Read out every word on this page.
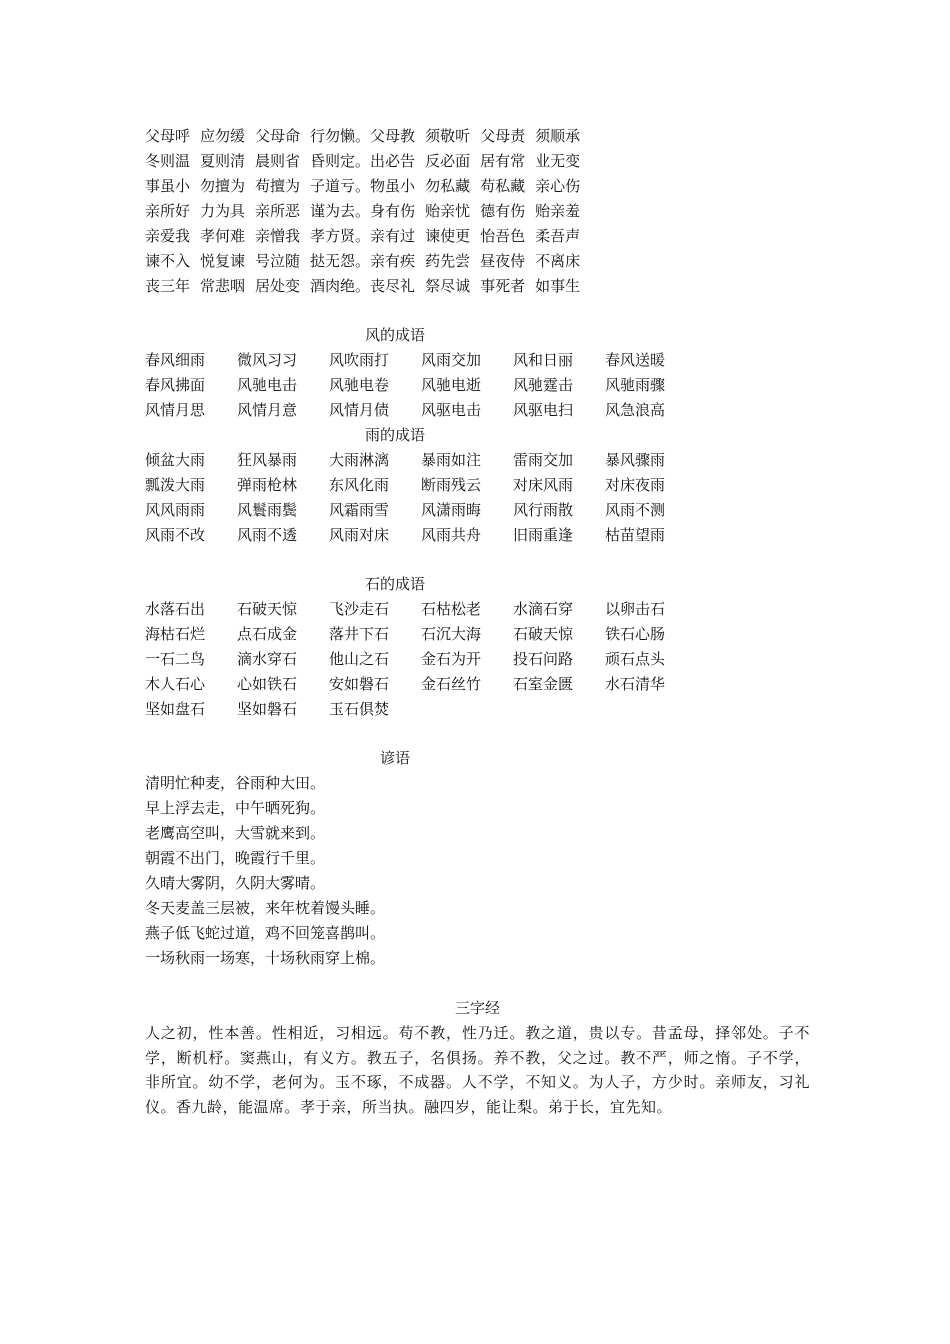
父母呼 应勿缓 父母命 行勿懒。父母教 须敬听 父母责 须顺承
冬则温 夏则清 晨则省 昏则定。出必告 反必面 居有常 业无变
事虽小 勿擅为 苟擅为 子道亏。物虽小 勿私藏 苟私藏 亲心伤
亲所好 力为具 亲所恶 谨为去。身有伤 贻亲忧 德有伤 贻亲羞
亲爱我 孝何难 亲憎我 孝方贤。亲有过 谏使更 怡吾色 柔吾声
谏不入 悦复谏 号泣随 挞无怨。亲有疾 药先尝 昼夜侍 不离床
丧三年 常悲咽 居处变 酒肉绝。丧尽礼 祭尽诚 事死者 如事生
风的成语
春风细雨 微风习习 风吹雨打 风雨交加 风和日丽 春风送暖
春风拂面 风驰电击 风驰电卷 风驰电逝 风驰霆击 风驰雨骤
风情月思 风情月意 风情月债 风驱电击 风驱电扫 风急浪高
雨的成语
倾盆大雨 狂风暴雨 大雨淋漓 暴雨如注 雷雨交加 暴风骤雨
瓢泼大雨 弹雨枪林 东风化雨 断雨残云 对床风雨 对床夜雨
风风雨雨 风鬟雨鬓 风霜雨雪 风潇雨晦 风行雨散 风雨不测
风雨不改 风雨不透 风雨对床 风雨共舟 旧雨重逢 枯苗望雨
石的成语
水落石出 石破天惊 飞沙走石 石枯松老 水滴石穿 以卵击石
海枯石烂 点石成金 落井下石 石沉大海 石破天惊 铁石心肠
一石二鸟 滴水穿石 他山之石 金石为开 投石问路 顽石点头
木人石心 心如铁石 安如磐石 金石丝竹 石室金匮 水石清华
坚如盘石 坚如磐石 玉石俱焚
谚语
清明忙种麦，谷雨种大田。
早上浮去走，中午晒死狗。
老鹰高空叫，大雪就来到。
朝霞不出门，晚霞行千里。
久晴大雾阴，久阴大雾晴。
冬天麦盖三层被，来年枕着馒头睡。
燕子低飞蛇过道，鸡不回笼喜鹊叫。
一场秋雨一场寒，十场秋雨穿上棉。
三字经
人之初，性本善。性相近，习相远。苟不教，性乃迁。教之道，贵以专。昔孟母，择邻处。子不学，断机杼。窦燕山，有义方。教五子，名俱扬。养不教，父之过。教不严，师之惰。子不学，非所宜。幼不学，老何为。玉不琢，不成器。人不学，不知义。为人子，方少时。亲师友，习礼仪。香九龄，能温席。孝于亲，所当执。融四岁，能让梨。弟于长，宜先知。
